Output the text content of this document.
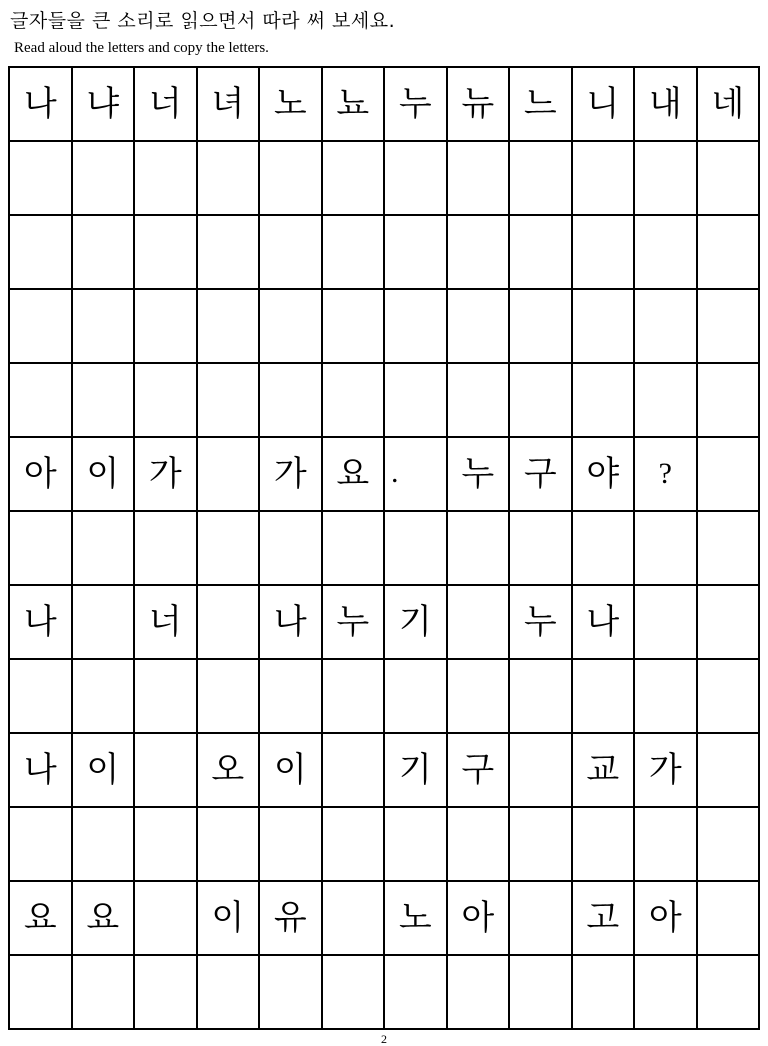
글자들을 큰 소리로 읽으면서 따라 써 보세요.
Read aloud the letters and copy the letters.
나 냐 너 녀 노 뇨 누 뉴 느 니 내 네
아 이 가	가 요 .	누 구 야	?
나	너	나 누 기	누 나
나 이	오 이	기 구	교 가
요 요	이 유	노 아	고 아
2
